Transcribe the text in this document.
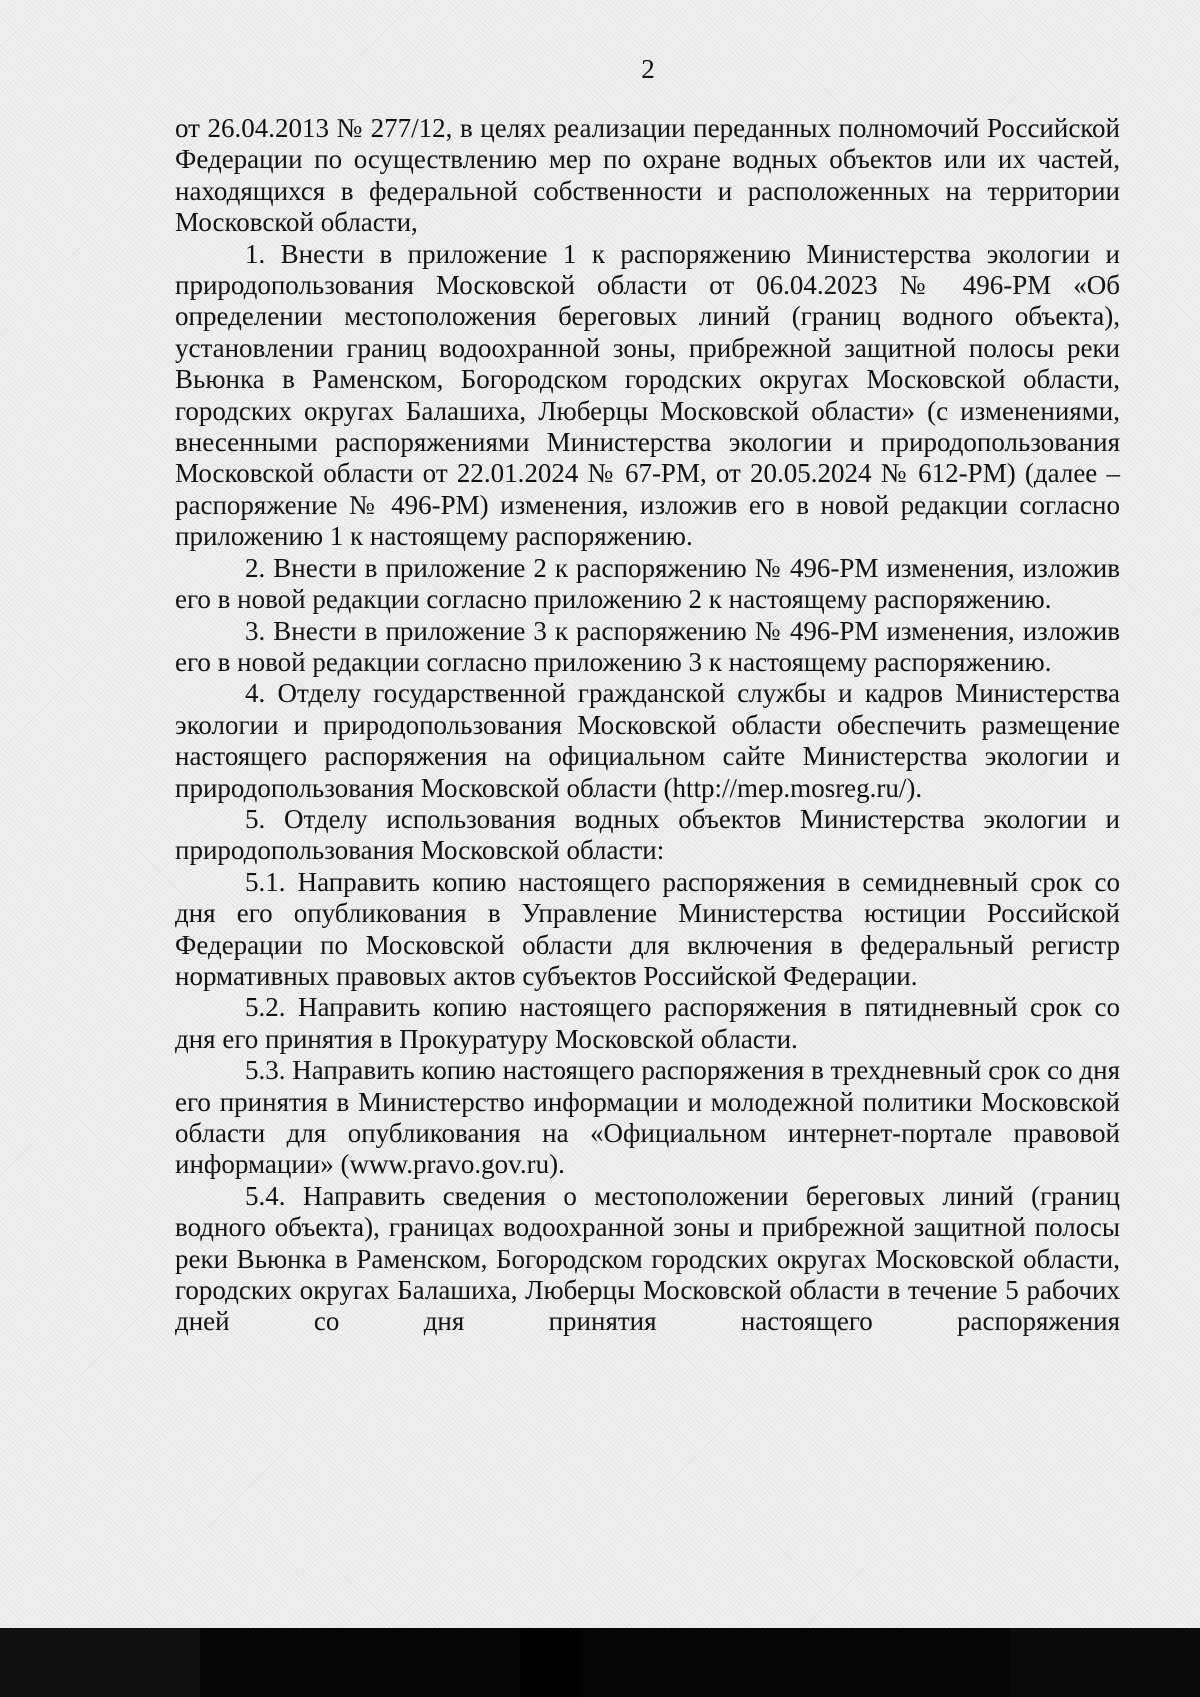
2

от 26.04.2013 № 277/12, в целях реализации переданных полномочий Российской Федерации по осуществлению мер по охране водных объектов или их частей, находящихся в федеральной собственности и расположенных на территории Московской области,

1. Внести в приложение 1 к распоряжению Министерства экологии и природопользования Московской области от 06.04.2023 № 496-РМ «Об определении местоположения береговых линий (границ водного объекта), установлении границ водоохранной зоны, прибрежной защитной полосы реки Вьюнка в Раменском, Богородском городских округах Московской области, городских округах Балашиха, Люберцы Московской области» (с изменениями, внесенными распоряжениями Министерства экологии и природопользования Московской области от 22.01.2024 № 67-РМ, от 20.05.2024 № 612-РМ) (далее – распоряжение № 496-РМ) изменения, изложив его в новой редакции согласно приложению 1 к настоящему распоряжению.

2. Внести в приложение 2 к распоряжению № 496-РМ изменения, изложив его в новой редакции согласно приложению 2 к настоящему распоряжению.

3. Внести в приложение 3 к распоряжению № 496-РМ изменения, изложив его в новой редакции согласно приложению 3 к настоящему распоряжению.

4. Отделу государственной гражданской службы и кадров Министерства экологии и природопользования Московской области обеспечить размещение настоящего распоряжения на официальном сайте Министерства экологии и природопользования Московской области (http://mep.mosreg.ru/).

5. Отделу использования водных объектов Министерства экологии и природопользования Московской области:

5.1. Направить копию настоящего распоряжения в семидневный срок со дня его опубликования в Управление Министерства юстиции Российской Федерации по Московской области для включения в федеральный регистр нормативных правовых актов субъектов Российской Федерации.

5.2. Направить копию настоящего распоряжения в пятидневный срок со дня его принятия в Прокуратуру Московской области.

5.3. Направить копию настоящего распоряжения в трехдневный срок со дня его принятия в Министерство информации и молодежной политики Московской области для опубликования на «Официальном интернет-портале правовой информации» (www.pravo.gov.ru).

5.4. Направить сведения о местоположении береговых линий (границ водного объекта), границах водоохранной зоны и прибрежной защитной полосы реки Вьюнка в Раменском, Богородском городских округах Московской области, городских округах Балашиха, Люберцы Московской области в течение 5 рабочих дней со дня принятия настоящего распоряжения
